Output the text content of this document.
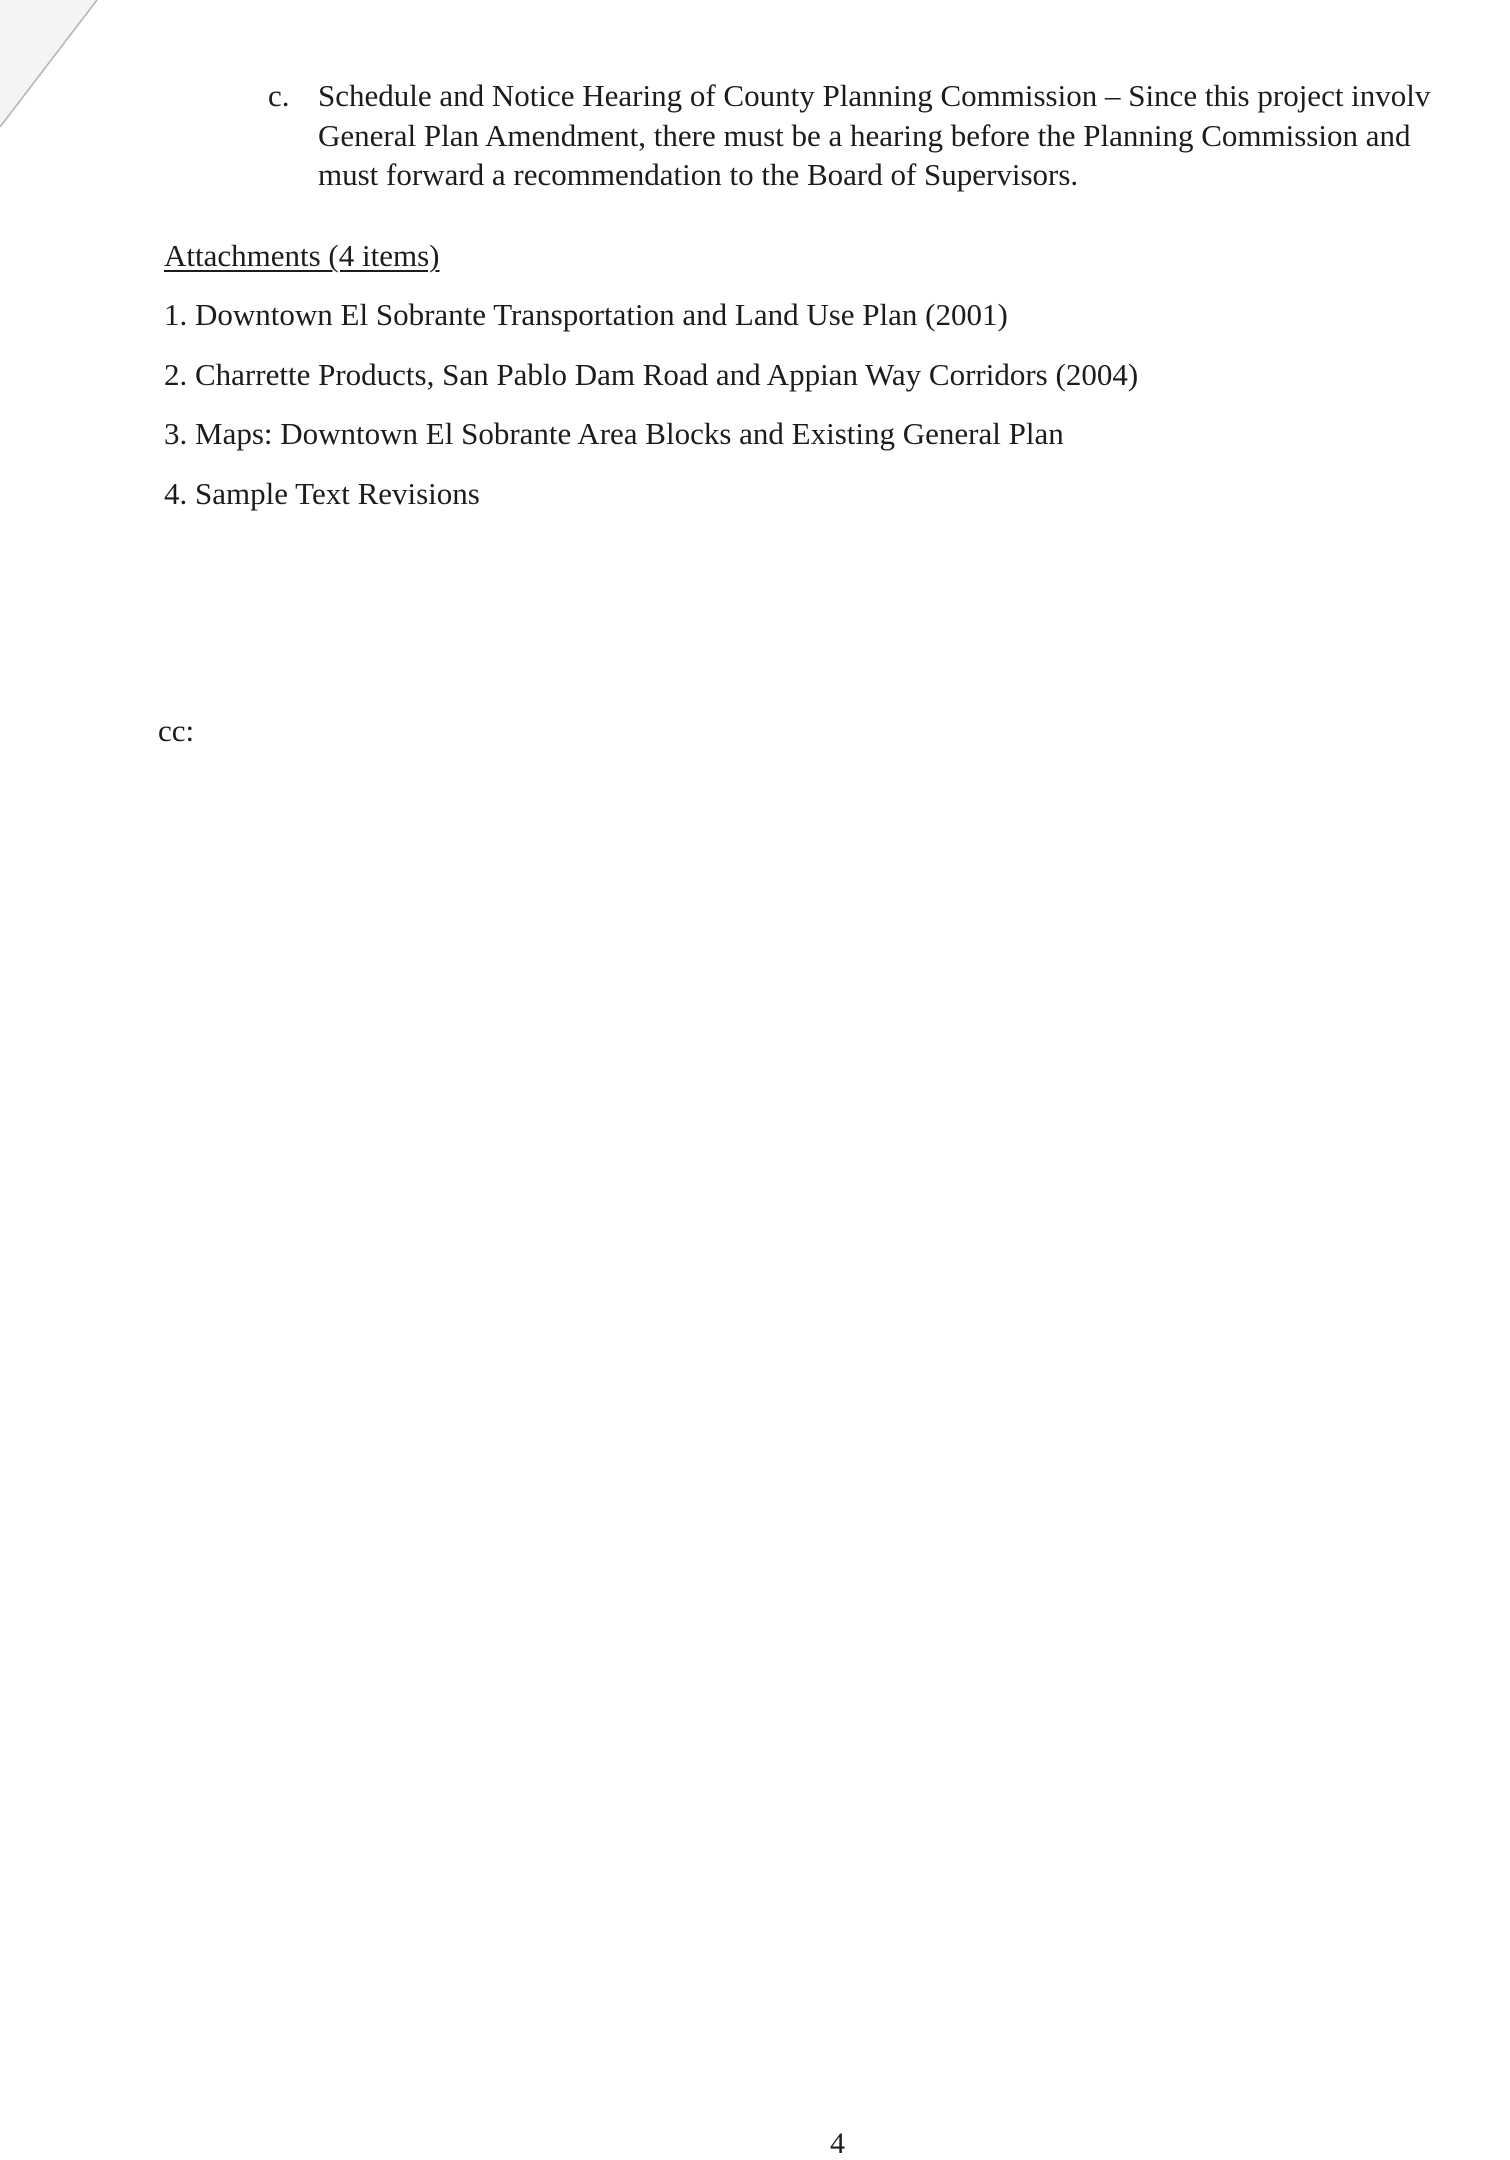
c. Schedule and Notice Hearing of County Planning Commission – Since this project involv
General Plan Amendment, there must be a hearing before the Planning Commission and
must forward a recommendation to the Board of Supervisors.
Attachments (4 items)
1. Downtown El Sobrante Transportation and Land Use Plan (2001)
2. Charrette Products, San Pablo Dam Road and Appian Way Corridors (2004)
3. Maps: Downtown El Sobrante Area Blocks and Existing General Plan
4. Sample Text Revisions
cc:
4
